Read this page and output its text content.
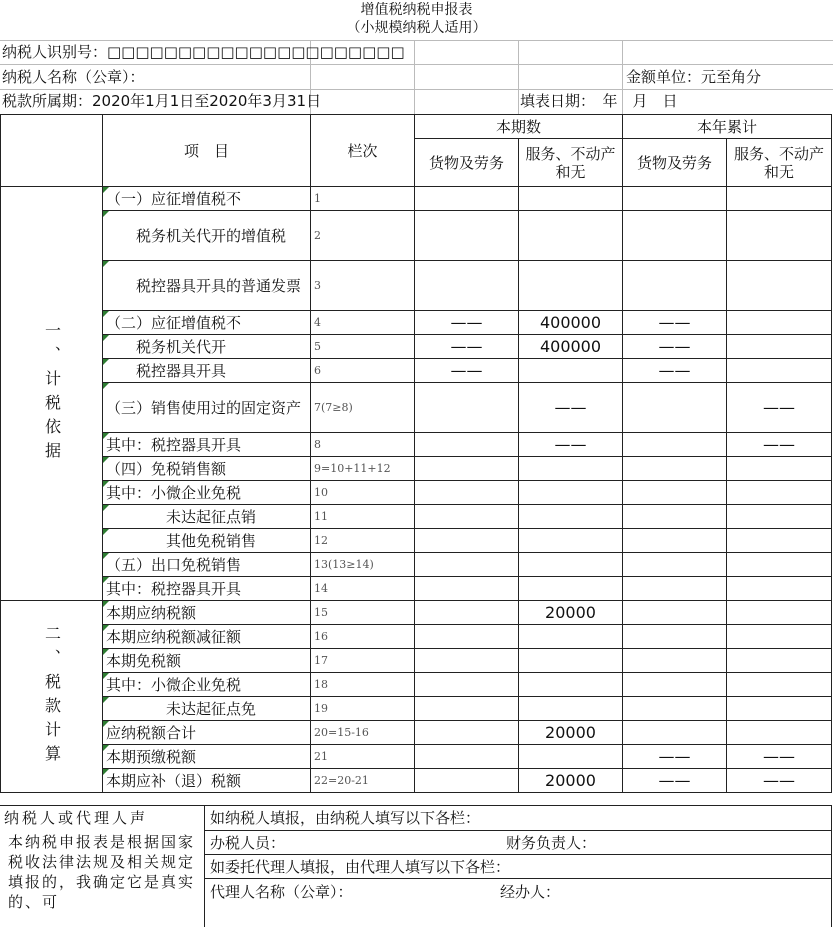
增值税纳税申报表
（小规模纳税人适用）
纳税人识别号：□□□□□□□□□□□□□□□□□□□□□
纳税人名称（公章）：	金额单位：元至角分
税款所属期：2020年1月1日至2020年3月31日	填表日期：　年　月　日
	项　目	栏次	本期数		本年累计	
			货物及劳务	服务、不动产和无	货物及劳务	服务、不动产和无

一、计税依据	（一）应征增值税不	1				
	　　税务机关代开的增值税	2				
	　　税控器具开具的普通发票	3				
	（二）应征增值税不	4	——	400000	——	
	　　税务机关代开	5	——	400000	——	
	　　税控器具开具	6	——		——	
	（三）销售使用过的固定资产	7(7≥8)		——		——
	其中：税控器具开具	8		——		——
	（四）免税销售额	9=10+11+12				
	其中：小微企业免税	10				
	　　　　未达起征点销	11				
	　　　　其他免税销售	12				
	（五）出口免税销售	13(13≥14)				
	其中：税控器具开具	14				

二、税款计算	本期应纳税额	15		20000		
	本期应纳税额减征额	16				
	本期免税额	17				
	其中：小微企业免税	18				
	　　　　未达起征点免	19				
	应纳税额合计	20=15-16		20000		
	本期预缴税额	21			——	——
	本期应补（退）税额	22=20-21		20000	——	——
纳税人或代理人声
本纳税申报表是根据国家税收法律法规及相关规定填报的，我确定它是真实的、可
如纳税人填报，由纳税人填写以下各栏：
办税人员：	财务负责人：
如委托代理人填报，由代理人填写以下各栏：
代理人名称（公章）：	经办人：
